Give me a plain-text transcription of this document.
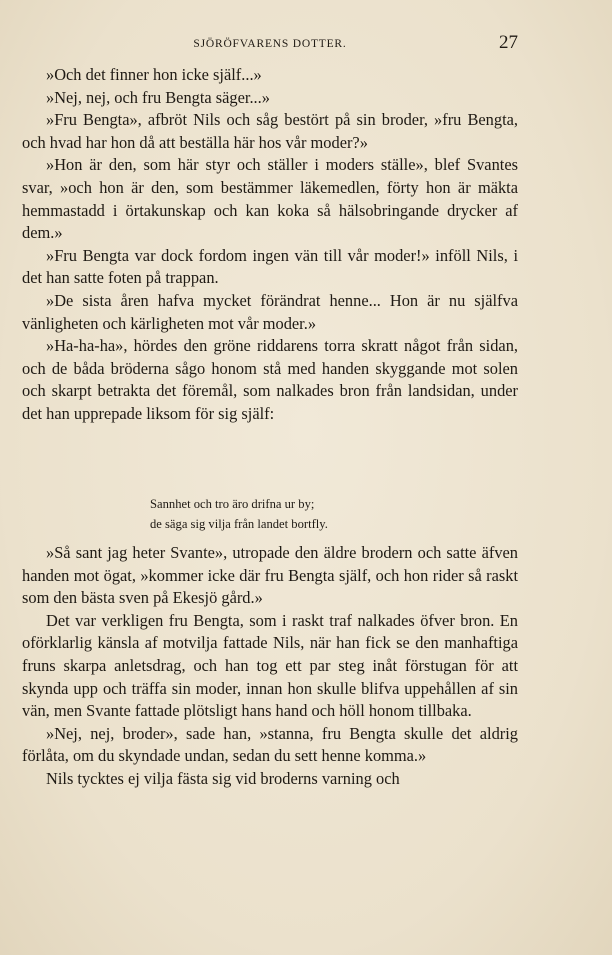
SJÖRÖFVARENS DOTTER.	27

»Och det finner hon icke själf...»

»Nej, nej, och fru Bengta säger...»

»Fru Bengta», afbröt Nils och såg bestört på sin broder, »fru Bengta, och hvad har hon då att beställa här hos vår moder?»

»Hon är den, som här styr och ställer i moders ställe», blef Svantes svar, »och hon är den, som bestämmer läkemedlen, förty hon är mäkta hemmastadd i örtakunskap och kan koka så hälsobringande drycker af dem.»

»Fru Bengta var dock fordom ingen vän till vår moder!» inföll Nils, i det han satte foten på trappan.

»De sista åren hafva mycket förändrat henne... Hon är nu själfva vänligheten och kärligheten mot vår moder.»

»Ha-ha-ha», hördes den gröne riddarens torra skratt något från sidan, och de båda bröderna sågo honom stå med handen skyggande mot solen och skarpt betrakta det föremål, som nalkades bron från landsidan, under det han upprepade liksom för sig själf:

Sannhet och tro äro drifna ur by;
de säga sig vilja från landet bortfly.

»Så sant jag heter Svante», utropade den äldre brodern och satte äfven handen mot ögat, »kommer icke där fru Bengta själf, och hon rider så raskt som den bästa sven på Ekesjö gård.»

Det var verkligen fru Bengta, som i raskt traf nalkades öfver bron. En oförklarlig känsla af motvilja fattade Nils, när han fick se den manhaftiga fruns skarpa anletsdrag, och han tog ett par steg inåt förstugan för att skynda upp och träffa sin moder, innan hon skulle blifva uppehållen af sin vän, men Svante fattade plötsligt hans hand och höll honom tillbaka.

»Nej, nej, broder», sade han, »stanna, fru Bengta skulle det aldrig förlåta, om du skyndade undan, sedan du sett henne komma.»

Nils tycktes ej vilja fästa sig vid broderns varning och
